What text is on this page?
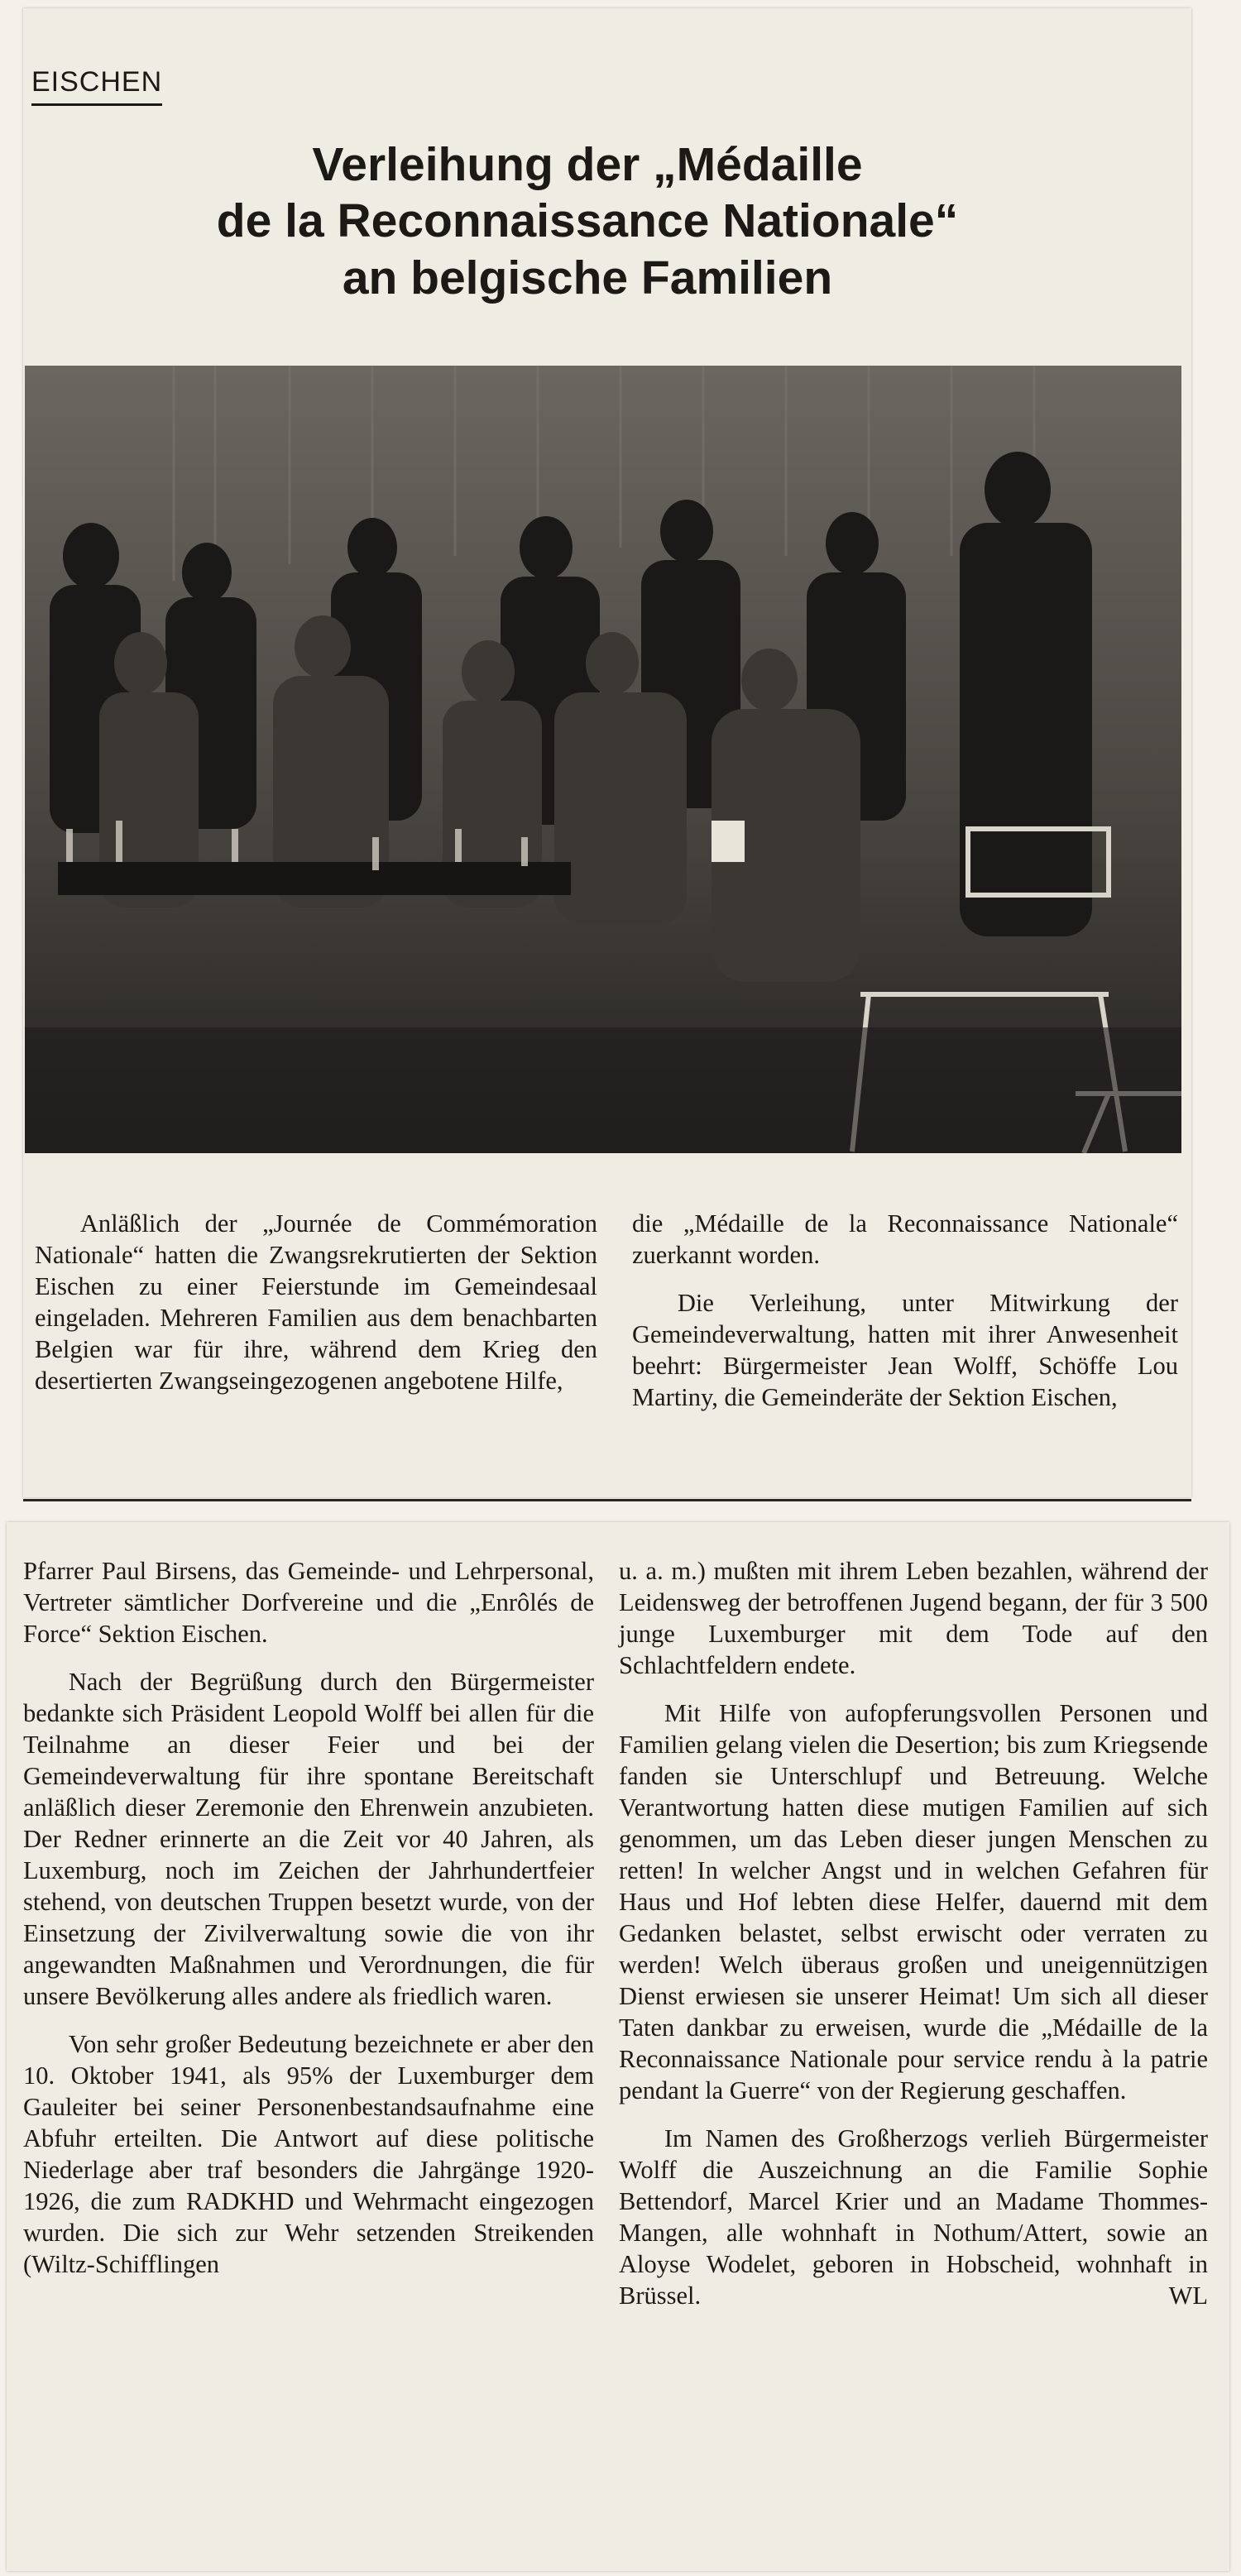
EISCHEN
Verleihung der „Médaille
de la Reconnaissance Nationale“
an belgische Familien

Anläßlich der „Journée de Commémoration Nationale“ hatten die Zwangsrekrutierten der Sektion Eischen zu einer Feierstunde im Gemeindesaal eingeladen. Mehreren Familien aus dem benachbarten Belgien war für ihre, während dem Krieg den desertierten Zwangseingezogenen angebotene Hilfe,

die „Médaille de la Reconnaissance Nationale“ zuerkannt worden.

Die Verleihung, unter Mitwirkung der Gemeindeverwaltung, hatten mit ihrer Anwesenheit beehrt: Bürgermeister Jean Wolff, Schöffe Lou Martiny, die Gemeinderäte der Sektion Eischen,

Pfarrer Paul Birsens, das Gemeinde- und Lehrpersonal, Vertreter sämtlicher Dorfvereine und die „Enrôlés de Force“ Sektion Eischen.

Nach der Begrüßung durch den Bürgermeister bedankte sich Präsident Leopold Wolff bei allen für die Teilnahme an dieser Feier und bei der Gemeindeverwaltung für ihre spontane Bereitschaft anläßlich dieser Zeremonie den Ehrenwein anzubieten. Der Redner erinnerte an die Zeit vor 40 Jahren, als Luxemburg, noch im Zeichen der Jahrhundertfeier stehend, von deutschen Truppen besetzt wurde, von der Einsetzung der Zivilverwaltung sowie die von ihr angewandten Maßnahmen und Verordnungen, die für unsere Bevölkerung alles andere als friedlich waren.

Von sehr großer Bedeutung bezeichnete er aber den 10. Oktober 1941, als 95% der Luxemburger dem Gauleiter bei seiner Personenbestandsaufnahme eine Abfuhr erteilten. Die Antwort auf diese politische Niederlage aber traf besonders die Jahrgänge 1920-1926, die zum RADKHD und Wehrmacht eingezogen wurden. Die sich zur Wehr setzenden Streikenden (Wiltz-Schifflingen

u. a. m.) mußten mit ihrem Leben bezahlen, während der Leidensweg der betroffenen Jugend begann, der für 3 500 junge Luxemburger mit dem Tode auf den Schlachtfeldern endete.

Mit Hilfe von aufopferungsvollen Personen und Familien gelang vielen die Desertion; bis zum Kriegsende fanden sie Unterschlupf und Betreuung. Welche Verantwortung hatten diese mutigen Familien auf sich genommen, um das Leben dieser jungen Menschen zu retten! In welcher Angst und in welchen Gefahren für Haus und Hof lebten diese Helfer, dauernd mit dem Gedanken belastet, selbst erwischt oder verraten zu werden! Welch überaus großen und uneigennützigen Dienst erwiesen sie unserer Heimat! Um sich all dieser Taten dankbar zu erweisen, wurde die „Médaille de la Reconnaissance Nationale pour service rendu à la patrie pendant la Guerre“ von der Regierung geschaffen.

Im Namen des Großherzogs verlieh Bürgermeister Wolff die Auszeichnung an die Familie Sophie Bettendorf, Marcel Krier und an Madame Thommes-Mangen, alle wohnhaft in Nothum/Attert, sowie an Aloyse Wodelet, geboren in Hobscheid, wohnhaft in Brüssel.	WL
